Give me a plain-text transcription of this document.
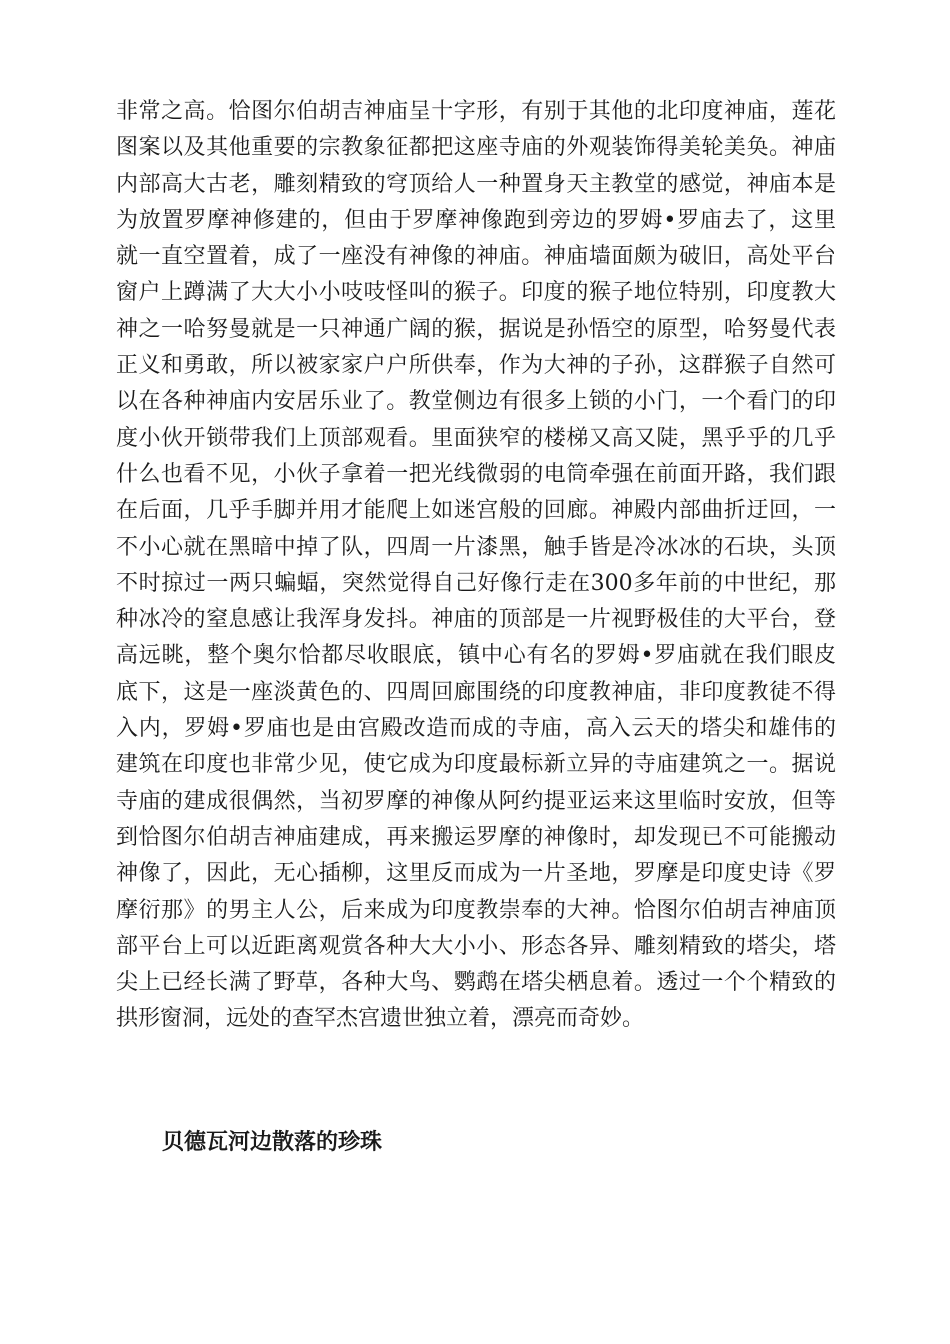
非常之高。恰图尔伯胡吉神庙呈十字形，有别于其他的北印度神庙，莲花
图案以及其他重要的宗教象征都把这座寺庙的外观装饰得美轮美奂。神庙
内部高大古老，雕刻精致的穹顶给人一种置身天主教堂的感觉，神庙本是
为放置罗摩神修建的，但由于罗摩神像跑到旁边的罗姆•罗庙去了，这里
就一直空置着，成了一座没有神像的神庙。神庙墙面颇为破旧，高处平台
窗户上蹲满了大大小小吱吱怪叫的猴子。印度的猴子地位特别，印度教大
神之一哈努曼就是一只神通广阔的猴，据说是孙悟空的原型，哈努曼代表
正义和勇敢，所以被家家户户所供奉，作为大神的子孙，这群猴子自然可
以在各种神庙内安居乐业了。教堂侧边有很多上锁的小门，一个看门的印
度小伙开锁带我们上顶部观看。里面狭窄的楼梯又高又陡，黑乎乎的几乎
什么也看不见，小伙子拿着一把光线微弱的电筒牵强在前面开路，我们跟
在后面，几乎手脚并用才能爬上如迷宫般的回廊。神殿内部曲折迂回，一
不小心就在黑暗中掉了队，四周一片漆黑，触手皆是冷冰冰的石块，头顶
不时掠过一两只蝙蝠，突然觉得自己好像行走在300多年前的中世纪，那
种冰冷的窒息感让我浑身发抖。神庙的顶部是一片视野极佳的大平台，登
高远眺，整个奥尔恰都尽收眼底，镇中心有名的罗姆•罗庙就在我们眼皮
底下，这是一座淡黄色的、四周回廊围绕的印度教神庙，非印度教徒不得
入内，罗姆•罗庙也是由宫殿改造而成的寺庙，高入云天的塔尖和雄伟的
建筑在印度也非常少见，使它成为印度最标新立异的寺庙建筑之一。据说
寺庙的建成很偶然，当初罗摩的神像从阿约提亚运来这里临时安放，但等
到恰图尔伯胡吉神庙建成，再来搬运罗摩的神像时，却发现已不可能搬动
神像了，因此，无心插柳，这里反而成为一片圣地，罗摩是印度史诗《罗
摩衍那》的男主人公，后来成为印度教崇奉的大神。恰图尔伯胡吉神庙顶
部平台上可以近距离观赏各种大大小小、形态各异、雕刻精致的塔尖，塔
尖上已经长满了野草，各种大鸟、鹦鹉在塔尖栖息着。透过一个个精致的
拱形窗洞，远处的查罕杰宫遗世独立着，漂亮而奇妙。
贝德瓦河边散落的珍珠
